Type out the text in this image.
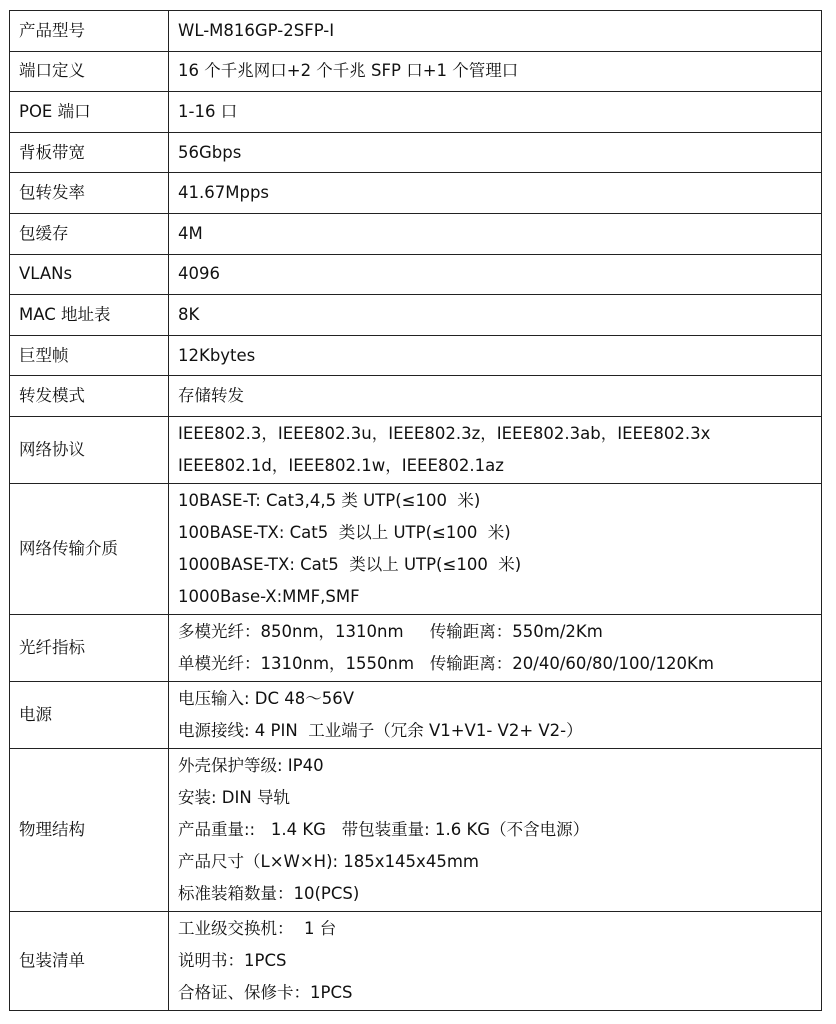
产品型号	WL-M816GP-2SFP-I

端口定义	16 个千兆网口+2 个千兆 SFP 口+1 个管理口

POE 端口	1-16 口

背板带宽	56Gbps

包转发率	41.67Mpps

包缓存	4M

VLANs	4096

MAC 地址表	8K

巨型帧	12Kbytes

转发模式	存储转发

网络协议	IEEE802.3，IEEE802.3u，IEEE802.3z，IEEE802.3ab，IEEE802.3x
IEEE802.1d，IEEE802.1w，IEEE802.1az

网络传输介质	10BASE-T: Cat3,4,5 类 UTP(≤100  米)
100BASE-TX: Cat5  类以上 UTP(≤100  米)
1000BASE-TX: Cat5  类以上 UTP(≤100  米)
1000Base-X:MMF,SMF

光纤指标	多模光纤：850nm，1310nm     传输距离：550m/2Km
单模光纤：1310nm，1550nm   传输距离：20/40/60/80/100/120Km

电源	电压输入: DC 48～56V
电源接线: 4 PIN  工业端子（冗余 V1+V1- V2+ V2-）

物理结构	外壳保护等级: IP40
安装: DIN 导轨
产品重量::   1.4 KG   带包装重量: 1.6 KG（不含电源）
产品尺寸（L×W×H): 185x145x45mm
标准装箱数量：10(PCS)

包装清单	工业级交换机：  1 台
说明书：1PCS
合格证、保修卡：1PCS
